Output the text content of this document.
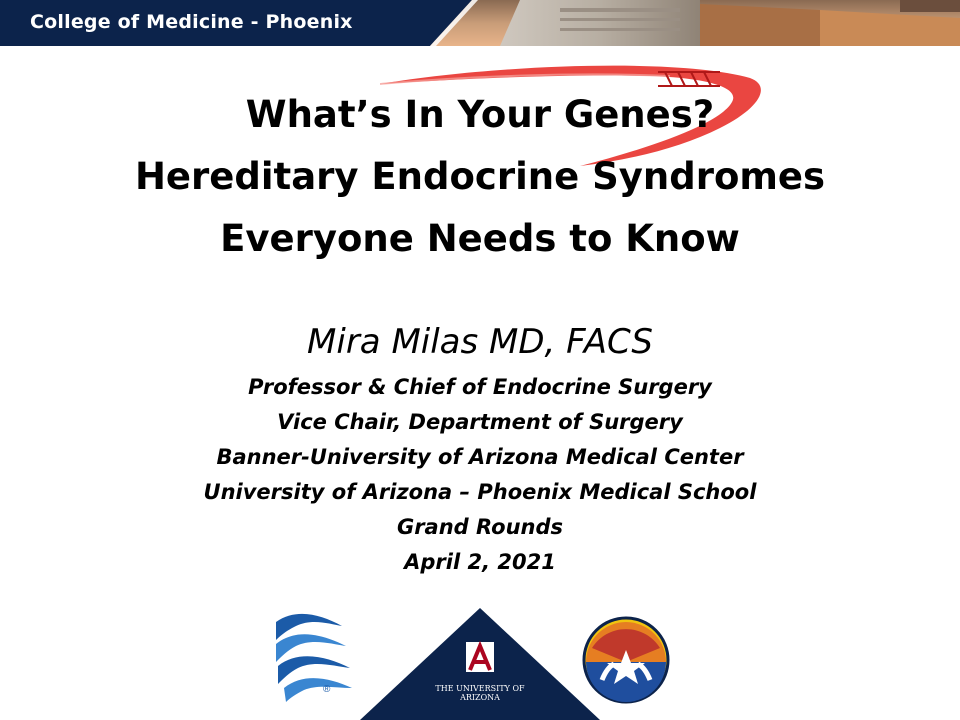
College of Medicine - Phoenix
What’s In Your Genes?
Hereditary Endocrine Syndromes
Everyone Needs to Know
Mira Milas MD, FACS
Professor & Chief of Endocrine Surgery
Vice Chair, Department of Surgery
Banner-University of Arizona Medical Center
University of Arizona – Phoenix Medical School
Grand Rounds
April 2, 2021
®	THE UNIVERSITY OF ARIZONA
